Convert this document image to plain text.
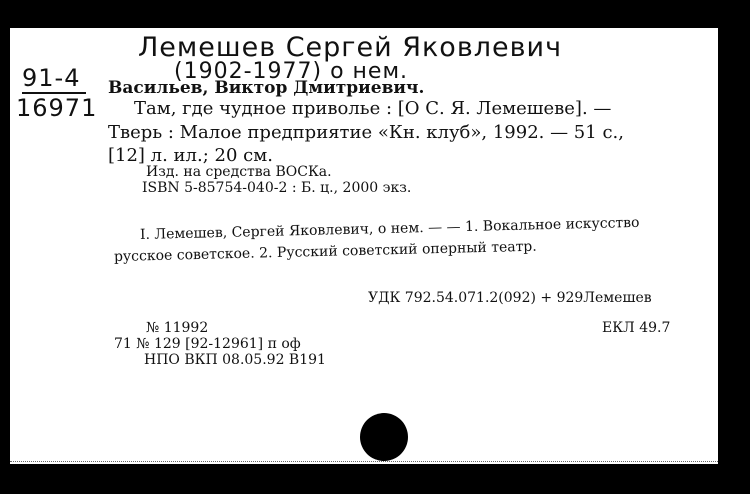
Лемешев Сергей Яковлевич
(1902-1977) о нем.
91-4
16971
Васильев, Виктор Дмитриевич.
Там, где чудное приволье : [О С. Я. Лемешеве]. —
Тверь : Малое предприятие «Кн. клуб», 1992. — 51 с.,
[12] л. ил.; 20 см.
Изд. на средства ВОСКа.
ISBN 5-85754-040-2 : Б. ц., 2000 экз.
I. Лемешев, Сергей Яковлевич, о нем. — — 1. Вокальное искусство
русское советское. 2. Русский советский оперный театр.
УДК 792.54.071.2(092) + 929Лемешев
ЕКЛ 49.7
№ 11992
71 № 129 [92-12961] п оф
НПО ВКП 08.05.92 В191
